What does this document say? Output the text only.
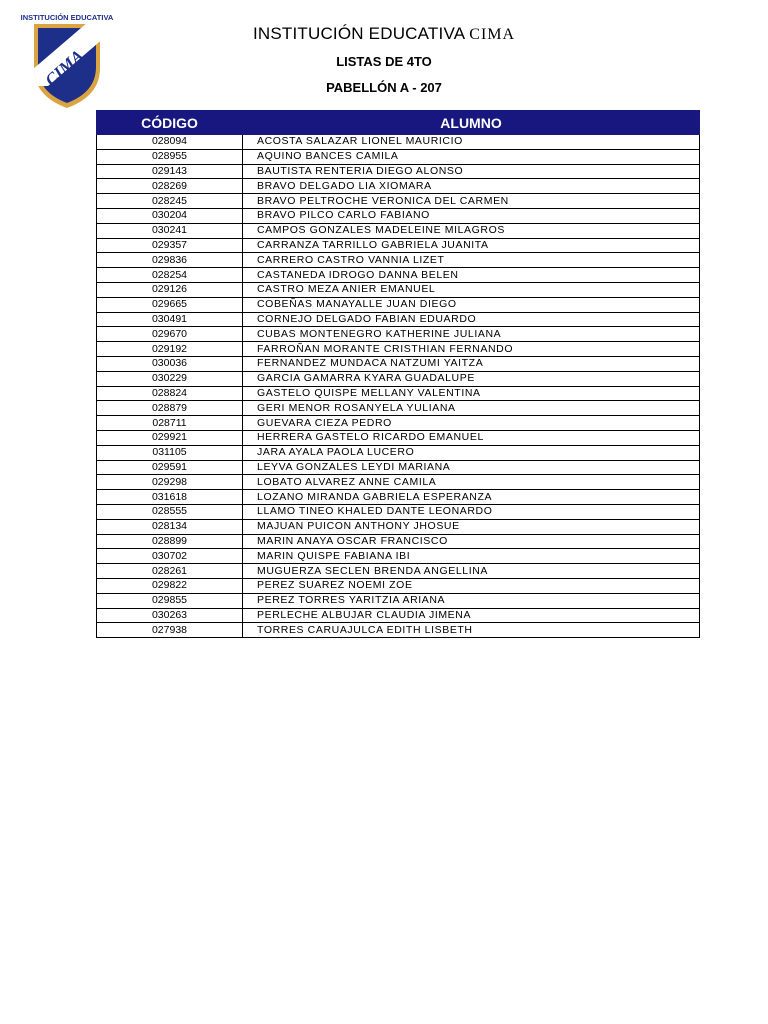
INSTITUCIÓN EDUCATIVA
CIMA
INSTITUCIÓN EDUCATIVA CIMA
LISTAS DE 4TO
PABELLÓN A - 207
CÓDIGO	ALUMNO
028094	ACOSTA SALAZAR LIONEL MAURICIO
028955	AQUINO BANCES CAMILA
029143	BAUTISTA RENTERIA DIEGO ALONSO
028269	BRAVO DELGADO LIA XIOMARA
028245	BRAVO PELTROCHE VERONICA DEL CARMEN
030204	BRAVO PILCO CARLO FABIANO
030241	CAMPOS GONZALES MADELEINE MILAGROS
029357	CARRANZA TARRILLO GABRIELA JUANITA
029836	CARRERO CASTRO VANNIA LIZET
028254	CASTANEDA IDROGO DANNA BELEN
029126	CASTRO MEZA ANIER EMANUEL
029665	COBEÑAS MANAYALLE JUAN DIEGO
030491	CORNEJO DELGADO FABIAN EDUARDO
029670	CUBAS MONTENEGRO KATHERINE JULIANA
029192	FARROÑAN MORANTE CRISTHIAN FERNANDO
030036	FERNANDEZ MUNDACA NATZUMI YAITZA
030229	GARCIA GAMARRA KYARA GUADALUPE
028824	GASTELO QUISPE MELLANY VALENTINA
028879	GERI MENOR ROSANYELA YULIANA
028711	GUEVARA CIEZA PEDRO
029921	HERRERA GASTELO RICARDO EMANUEL
031105	JARA AYALA PAOLA LUCERO
029591	LEYVA GONZALES LEYDI MARIANA
029298	LOBATO ALVAREZ ANNE CAMILA
031618	LOZANO MIRANDA GABRIELA ESPERANZA
028555	LLAMO TINEO KHALED DANTE LEONARDO
028134	MAJUAN PUICON ANTHONY JHOSUE
028899	MARIN ANAYA OSCAR FRANCISCO
030702	MARIN QUISPE FABIANA IBI
028261	MUGUERZA SECLEN BRENDA ANGELLINA
029822	PEREZ SUAREZ NOEMI ZOE
029855	PEREZ TORRES YARITZIA ARIANA
030263	PERLECHE ALBUJAR CLAUDIA JIMENA
027938	TORRES CARUAJULCA EDITH LISBETH
